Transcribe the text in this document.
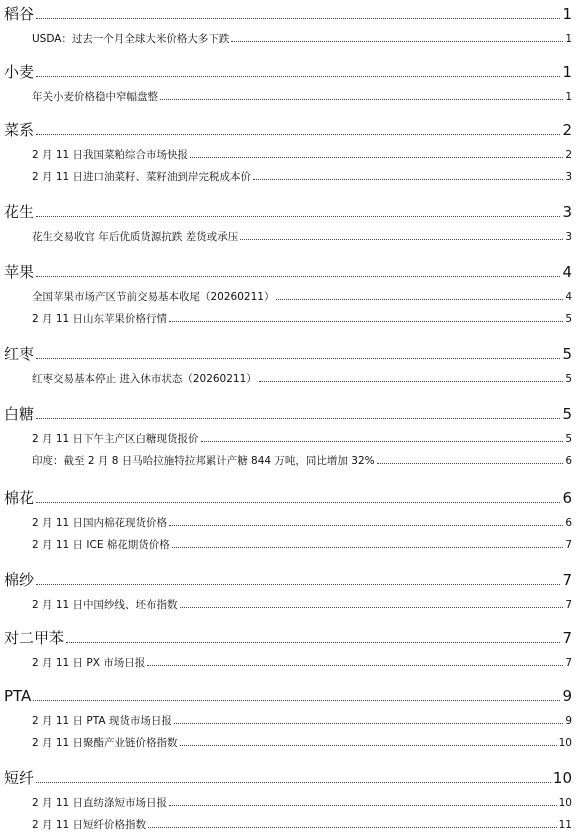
稻谷	1
USDA：过去一个月全球大米价格大多下跌	1
小麦	1
年关小麦价格稳中窄幅盘整	1
菜系	2
2 月 11 日我国菜粕综合市场快报	2
2 月 11 日进口油菜籽、菜籽油到岸完税成本价	3
花生	3
花生交易收官 年后优质货源抗跌 差货或承压	3
苹果	4
全国苹果市场产区节前交易基本收尾（20260211）	4
2 月 11 日山东苹果价格行情	5
红枣	5
红枣交易基本停止 进入休市状态（20260211）	5
白糖	5
2 月 11 日下午主产区白糖现货报价	5
印度：截至 2 月 8 日马哈拉施特拉邦累计产糖 844 万吨，同比增加 32%	6
棉花	6
2 月 11 日国内棉花现货价格	6
2 月 11 日 ICE 棉花期货价格	7
棉纱	7
2 月 11 日中国纱线、坯布指数	7
对二甲苯	7
2 月 11 日 PX 市场日报	7
PTA	9
2 月 11 日 PTA 现货市场日报	9
2 月 11 日聚酯产业链价格指数	10
短纤	10
2 月 11 日直纺涤短市场日报	10
2 月 11 日短纤价格指数	11
